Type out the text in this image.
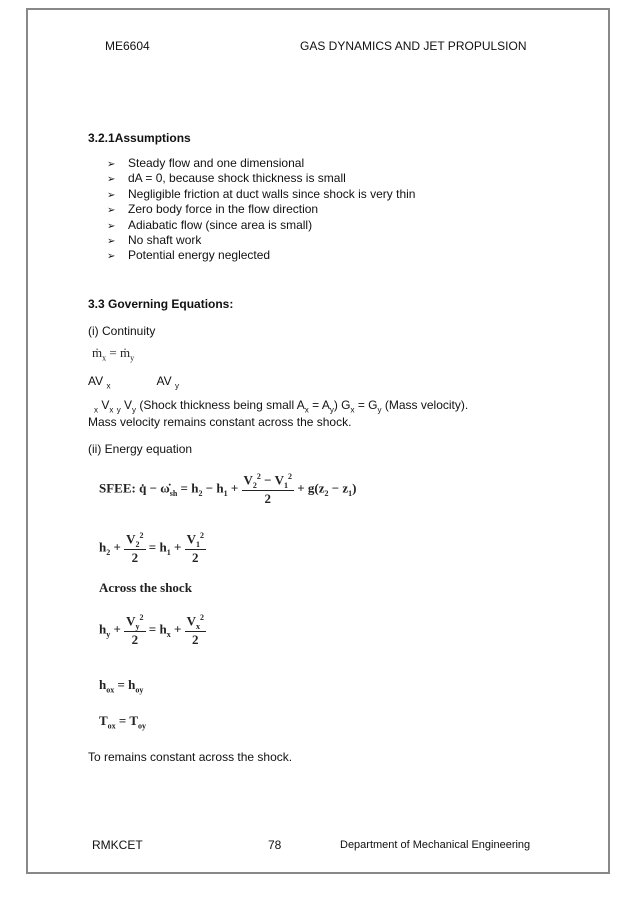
ME6604	GAS DYNAMICS AND JET PROPULSION
3.2.1Assumptions
➢ Steady flow and one dimensional
➢ dA = 0, because shock thickness is small
➢ Negligible friction at duct walls since shock is very thin
➢ Zero body force in the flow direction
➢ Adiabatic flow (since area is small)
➢ No shaft work
➢ Potential energy neglected
3.3 Governing Equations:
(i) Continuity
$ṁ_x$ = $ṁ_y$
AV $_x$	AV $_y$
$_x$ $V_x$ $_y$ $V_y$ (Shock thickness being small $A_x = A_y$) $G_x = G_y$ (Mass velocity).
Mass velocity remains constant across the shock.
(ii) Energy equation
SFEE: q̇ − $\omegȧ_{sh} = h_2 - h_1 + \frac{V_2^2 - V_1^2}{2} + g(z_2 - z_1)$
$h_2 + \frac{V_2^2}{2} = h_1 + \frac{V_1^2}{2}$
Across the shock
$h_y + \frac{V_y^2}{2} = h_x + \frac{V_x^2}{2}$
$h_{ox} = h_{oy}$
$T_{ox} = T_{oy}$
To remains constant across the shock.
RMKCET	78	Department of Mechanical Engineering
